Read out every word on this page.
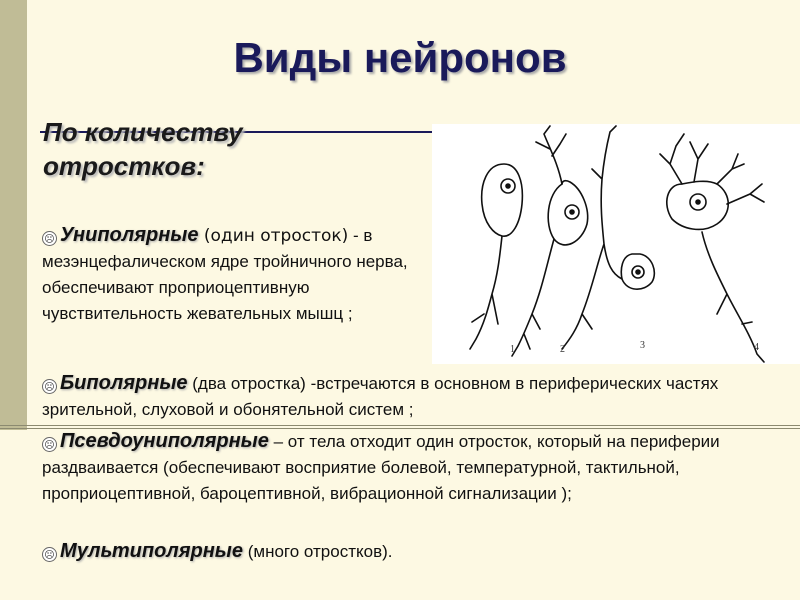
Виды нейронов
По количеству
отростков:
1	2	3	4
☹ Униполярные (один отросток) - в мезэнцефалическом ядре тройничного нерва, обеспечивают проприоцептивную чувствительность жевательных мышц ;
☹ Биполярные (два отростка) -встречаются в основном в периферических частях зрительной, слуховой и обонятельной систем ;
☹ Псевдоуниполярные – от тела отходит один отросток, который на периферии раздваивается (обеспечивают восприятие болевой, температурной, тактильной, проприоцептивной, бароцептивной, вибрационной сигнализации );
☹ Мультиполярные (много отростков).
